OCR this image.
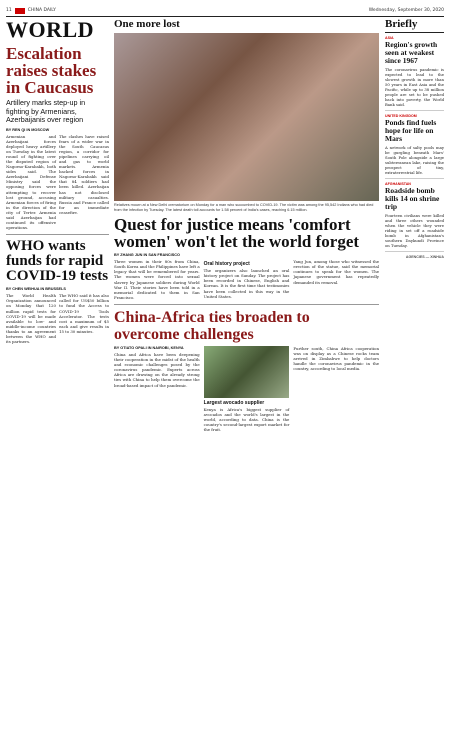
11	CHINA DAILY	Wednesday, September 30, 2020
WORLD
Escalation raises stakes in Caucasus
Artillery marks step-up in fighting by Armenians, Azerbaijanis over region
BY REN QI IN MOSCOW
Armenian and Azerbaijani forces deployed heavy artillery on Tuesday in the latest round of fighting over the disputed region of Nagorno-Karabakh, both sides said. The Azerbaijani Defense Ministry said the opposing forces were attempting to recover lost ground, accusing Armenian forces of firing in the direction of the city of Terter. Armenia said Azerbaijan had continued its offensive operations.
The clashes have raised fears of a wider war in the South Caucasus region, a corridor for pipelines carrying oil and gas to world markets. Armenia backed forces in Nagorno-Karabakh said that 84 soldiers had been killed. Azerbaijan has not disclosed military casualties. Russia and France called for an immediate ceasefire.
WHO wants funds for rapid COVID-19 tests
BY CHEN WEIHUA IN BRUSSELS
The World Health Organization announced on Monday that 120 million rapid tests for COVID-19 will be made available to low- and middle-income countries thanks to an agreement between the WHO and its partners.
The WHO said it has also called for US$50 billion to fund the Access to COVID-19 Tools Accelerator. The tests cost a maximum of $5 each and give results in 15 to 30 minutes.
One more lost
Relatives mourn at a New Delhi crematorium on Monday for a man who succumbed to COVID-19. The victim was among the 95,542 Indians who had died from the infection by Tuesday. The latest death toll accounts for 1.58 percent of India's cases, reaching 6.15 million.
Quest for justice means 'comfort women' won't let the world forget
BY ZHANG JUN IN SAN FRANCISCO
Three women in their 80s from China, South Korea and the Philippines have left a legacy that will be remembered for years. The women were forced into sexual slavery by Japanese soldiers during World War II. Their stories have been told in a memorial dedicated to them in San Francisco.
Oral history project
The organizers also launched an oral history project on Sunday. The project has been recorded in Chinese, English and Korean. It is the first time that testimonies have been collected in this way in the United States.
Yang Jun, among those who witnessed the erection of the statue, said the memorial continues to speak for the women. The Japanese government has repeatedly demanded its removal.
China-Africa ties broaden to overcome challenges
BY OTIATO OPALI IN NAIROBI, KENYA
China and Africa have been deepening their cooperation in the midst of the health and economic challenges posed by the coronavirus pandemic. Experts across Africa are drawing on the already strong ties with China to help them overcome the broad-based impact of the pandemic.
Largest avocado supplier
Kenya is Africa's biggest supplier of avocados and the world's largest in the world, according to data. China is the country's second-largest export market for the fruit.
Further south, China Africa cooperation was on display as a Chinese rocks team arrived in Zimbabwe to help doctors handle the coronavirus pandemic in the country, according to local media.
Briefly
ASIA
Region's growth seen at weakest since 1967
The coronavirus pandemic is expected to lead to the slowest growth in more than 50 years in East Asia and the Pacific, while up to 38 million people are set to be pushed back into poverty, the World Bank said.
UNITED KINGDOM
Ponds find fuels hope for life on Mars
A network of salty pools may be gurgling beneath Mars' South Pole alongside a large subterranean lake, raising the prospect of tiny, extraterrestrial life.
AFGHANISTAN
Roadside bomb kills 14 on shrine trip
Fourteen civilians were killed and three others wounded when the vehicle they were riding in set off a roadside bomb in Afghanistan's southern Daykundi Province on Tuesday.
AGENCIES — XINHUA
